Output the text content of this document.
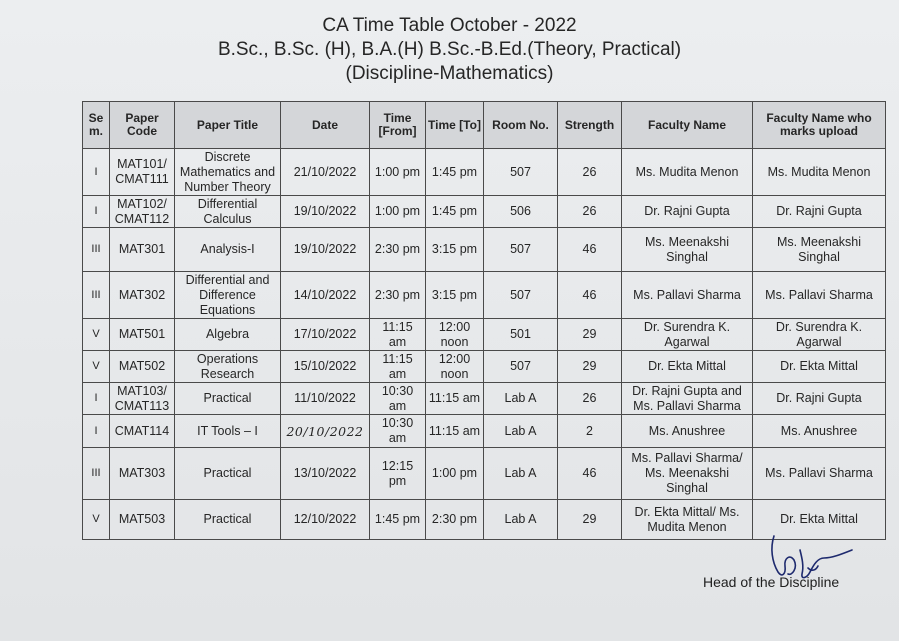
CA Time Table October - 2022
B.Sc., B.Sc. (H), B.A.(H) B.Sc.-B.Ed.(Theory, Practical)
(Discipline-Mathematics)
Se m.	Paper Code	Paper Title	Date	Time [From]	Time [To]	Room No.	Strength	Faculty Name	Faculty Name who marks upload
I	MAT101/ CMAT111	Discrete Mathematics and Number Theory	21/10/2022	1:00 pm	1:45 pm	507	26	Ms. Mudita Menon	Ms. Mudita Menon
I	MAT102/ CMAT112	Differential Calculus	19/10/2022	1:00 pm	1:45 pm	506	26	Dr. Rajni Gupta	Dr. Rajni Gupta
III	MAT301	Analysis-I	19/10/2022	2:30 pm	3:15 pm	507	46	Ms. Meenakshi Singhal	Ms. Meenakshi Singhal
III	MAT302	Differential and Difference Equations	14/10/2022	2:30 pm	3:15 pm	507	46	Ms. Pallavi Sharma	Ms. Pallavi Sharma
V	MAT501	Algebra	17/10/2022	11:15 am	12:00 noon	501	29	Dr. Surendra K. Agarwal	Dr. Surendra K. Agarwal
V	MAT502	Operations Research	15/10/2022	11:15 am	12:00 noon	507	29	Dr. Ekta Mittal	Dr. Ekta Mittal
I	MAT103/ CMAT113	Practical	11/10/2022	10:30 am	11:15 am	Lab A	26	Dr. Rajni Gupta and Ms. Pallavi Sharma	Dr. Rajni Gupta
I	CMAT114	IT Tools – I	20/10/2022	10:30 am	11:15 am	Lab A	2	Ms. Anushree	Ms. Anushree
III	MAT303	Practical	13/10/2022	12:15 pm	1:00 pm	Lab A	46	Ms. Pallavi Sharma/ Ms. Meenakshi Singhal	Ms. Pallavi Sharma
V	MAT503	Practical	12/10/2022	1:45 pm	2:30 pm	Lab A	29	Dr. Ekta Mittal/ Ms. Mudita Menon	Dr. Ekta Mittal
Head of the Discipline
